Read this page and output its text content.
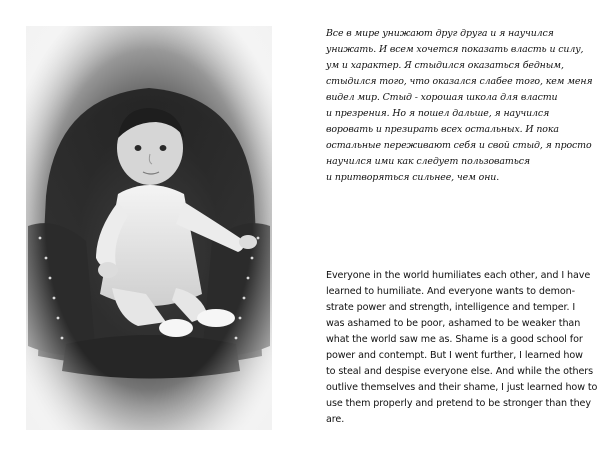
Все в мире унижают друг друга и я научился
унижать. И всем хочется показать власть и силу,
ум и характер. Я стыдился оказаться бедным,
стыдился того, что оказался слабее того, кем меня
видел мир. Стыд - хорошая школа для власти
и презрения. Но я пошел дальше, я научился
воровать и презирать всех остальных. И пока
остальные переживают себя и свой стыд, я просто
научился ими как следует пользоваться
и притворяться сильнее, чем они.
Everyone in the world humiliates each other, and I have
learned to humiliate. And everyone wants to demon-
strate power and strength, intelligence and temper. I
was ashamed to be poor, ashamed to be weaker than
what the world saw me as. Shame is a good school for
power and contempt. But I went further, I learned how
to steal and despise everyone else. And while the others
outlive themselves and their shame, I just learned how to
use them properly and pretend to be stronger than they
are.
